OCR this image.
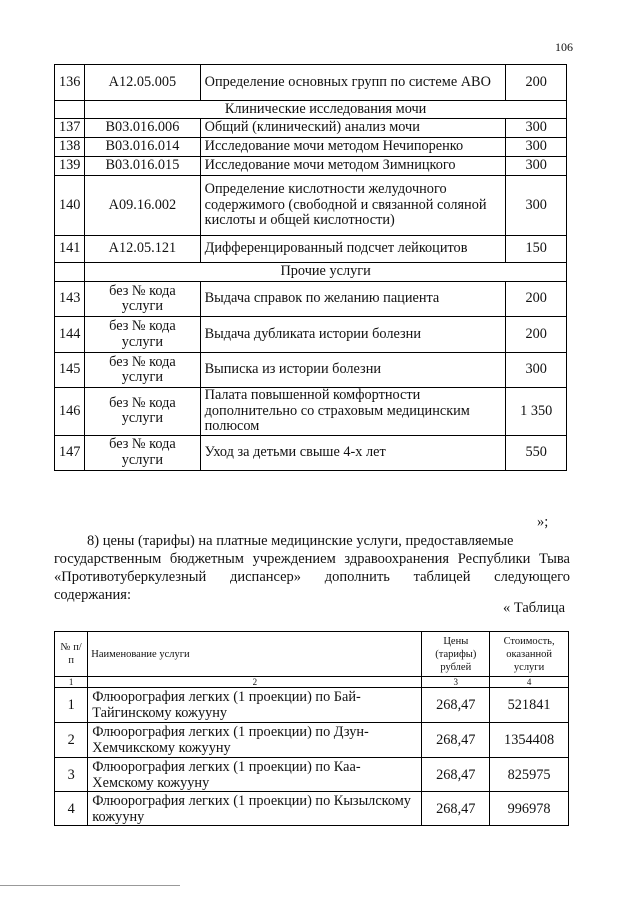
106
136	А12.05.005	Определение основных групп по системе АВО	200
	Клинические исследования мочи		
137	В03.016.006	Общий (клинический) анализ мочи	300
138	В03.016.014	Исследование мочи методом Нечипоренко	300
139	В03.016.015	Исследование мочи методом Зимницкого	300
140	А09.16.002	Определение кислотности желудочного содержимого (свободной и связанной соляной кислоты и общей кислотности)	300
141	А12.05.121	Дифференцированный подсчет лейкоцитов	150
	Прочие услуги		
143	без № кода услуги	Выдача справок по желанию пациента	200
144	без № кода услуги	Выдача дубликата истории болезни	200
145	без № кода услуги	Выписка из истории болезни	300
146	без № кода услуги	Палата повышенной комфортности дополнительно со страховым медицинским полюсом	1 350
147	без № кода услуги	Уход за детьми свыше 4-х лет	550
»;
8) цены (тарифы) на платные медицинские услуги, предоставляемые
государственным бюджетным учреждением здравоохранения Республики Тыва «Противотуберкулезный диспансер» дополнить таблицей следующего содержания:
« Таблица
№ п/п	Наименование услуги	Цены (тарифы) рублей	Стоимость, оказанной услуги
1	2	3	4
1	Флюорография легких (1 проекции) по Бай-Тайгинскому кожууну	268,47	521841
2	Флюорография легких (1 проекции) по Дзун-Хемчикскому кожууну	268,47	1354408
3	Флюорография легких (1 проекции) по Каа-Хемскому кожууну	268,47	825975
4	Флюорография легких (1 проекции) по Кызылскому кожууну	268,47	996978
